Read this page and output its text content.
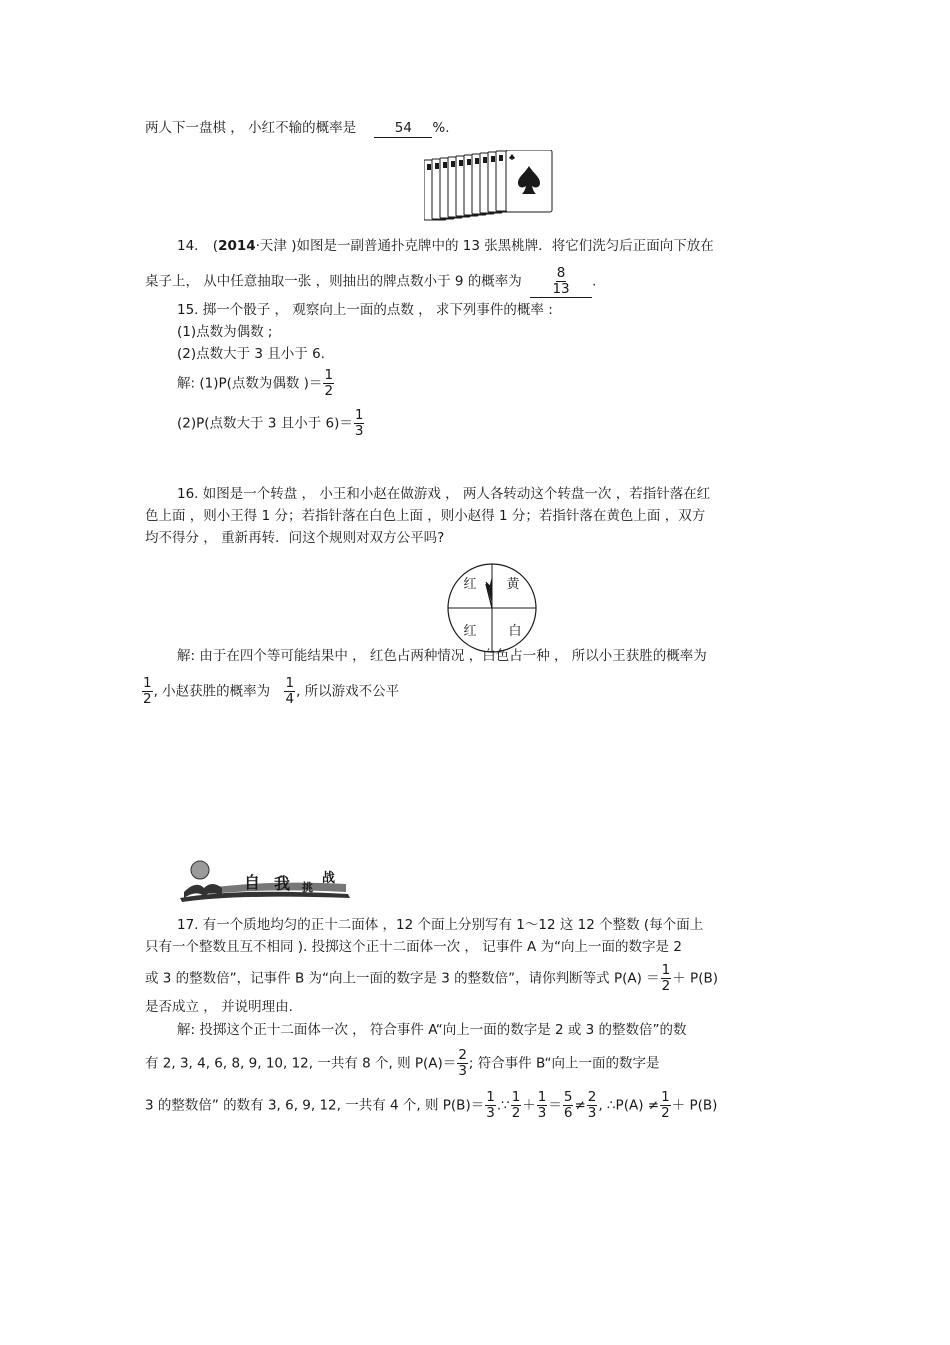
两人下一盘棋 ， 小红不输的概率是	54 %.
14. (2014·天津 )如图是一副普通扑克牌中的 13 张黑桃牌．将它们洗匀后正面向下放在
桌子上， 从中任意抽取一张 ，则抽出的牌点数小于 9 的概率为 $\frac{8}{13}$ .
15. 掷一个骰子 ， 观察向上一面的点数 ， 求下列事件的概率 :
(1)点数为偶数 ;
(2)点数大于 3 且小于 6.
解: (1)P(点数为偶数 )＝ $\frac{1}{2}$
(2)P(点数大于 3 且小于 $6)= \frac{1}{3}$
16. 如图是一个转盘 ， 小王和小赵在做游戏 ， 两人各转动这个转盘一次 ，若指针落在红
色上面 ，则小王得 1 分；若指针落在白色上面 ，则小赵得 1 分；若指针落在黄色上面 ，双方
均不得分 ， 重新再转．问这个规则对双方公平吗?
红 黄
红 白
解: 由于在四个等可能结果中 ， 红色占两种情况 ，白色占一种 ， 所以小王获胜的概率为
$\frac{1}{2}$ , 小赵获胜的概率为 $\frac{1}{4}$ , 所以游戏不公平
自 我 挑
战
17. 有一个质地均匀的正十二面体 ，12 个面上分别写有 1～12 这 12 个整数 (每个面上
只有一个整数且互不相同 ). 投掷这个正十二面体一次 ， 记事件 A 为“向上一面的数字是 2
或 3 的整数倍”，记事件 B 为“向上一面的数字是 3 的整数倍”，请你判断等式 $P(A) = \frac{1}{2} + P(B)$
是否成立 ， 并说明理由.
解: 投掷这个正十二面体一次 ， 符合事件 A“向上一面的数字是 2 或 3 的整数倍”的数
有 2, 3, 4, 6, 8, 9, 10, 12, 一共有 8 个, 则 $P(A)= \frac{2}{3}$ ; 符合事件 B“向上一面的数字是
3 的整数倍” 的数有 3, 6, 9, 12, 一共有 4 个, 则 $P(B)= \frac{1}{3}$ .∵ $\frac{1}{2} + \frac{1}{3} = \frac{5}{6} \ne \frac{2}{3}$ , ∴P(A) ≠ $\frac{1}{2} + P(B)$
